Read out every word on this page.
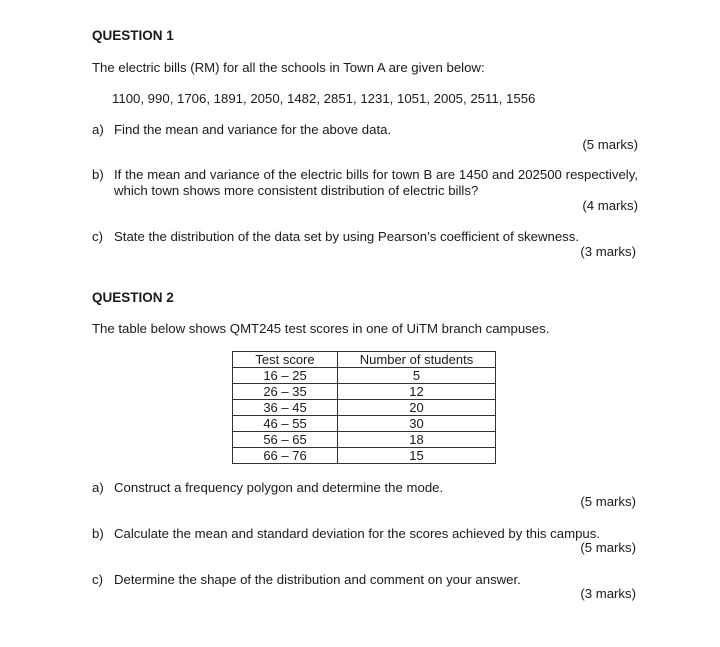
QUESTION 1
The electric bills (RM) for all the schools in Town A are given below:
1100, 990, 1706, 1891, 2050, 1482, 2851, 1231, 1051, 2005, 2511, 1556
a) Find the mean and variance for the above data.
(5 marks)
b) If the mean and variance of the electric bills for town B are 1450 and 202500 respectively, which town shows more consistent distribution of electric bills?
(4 marks)
c) State the distribution of the data set by using Pearson’s coefficient of skewness.
(3 marks)
QUESTION 2
The table below shows QMT245 test scores in one of UiTM branch campuses.
Test score	Number of students
16 – 25	5
26 – 35	12
36 – 45	20
46 – 55	30
56 – 65	18
66 – 76	15
a) Construct a frequency polygon and determine the mode.
(5 marks)
b) Calculate the mean and standard deviation for the scores achieved by this campus.
(5 marks)
c) Determine the shape of the distribution and comment on your answer.
(3 marks)
